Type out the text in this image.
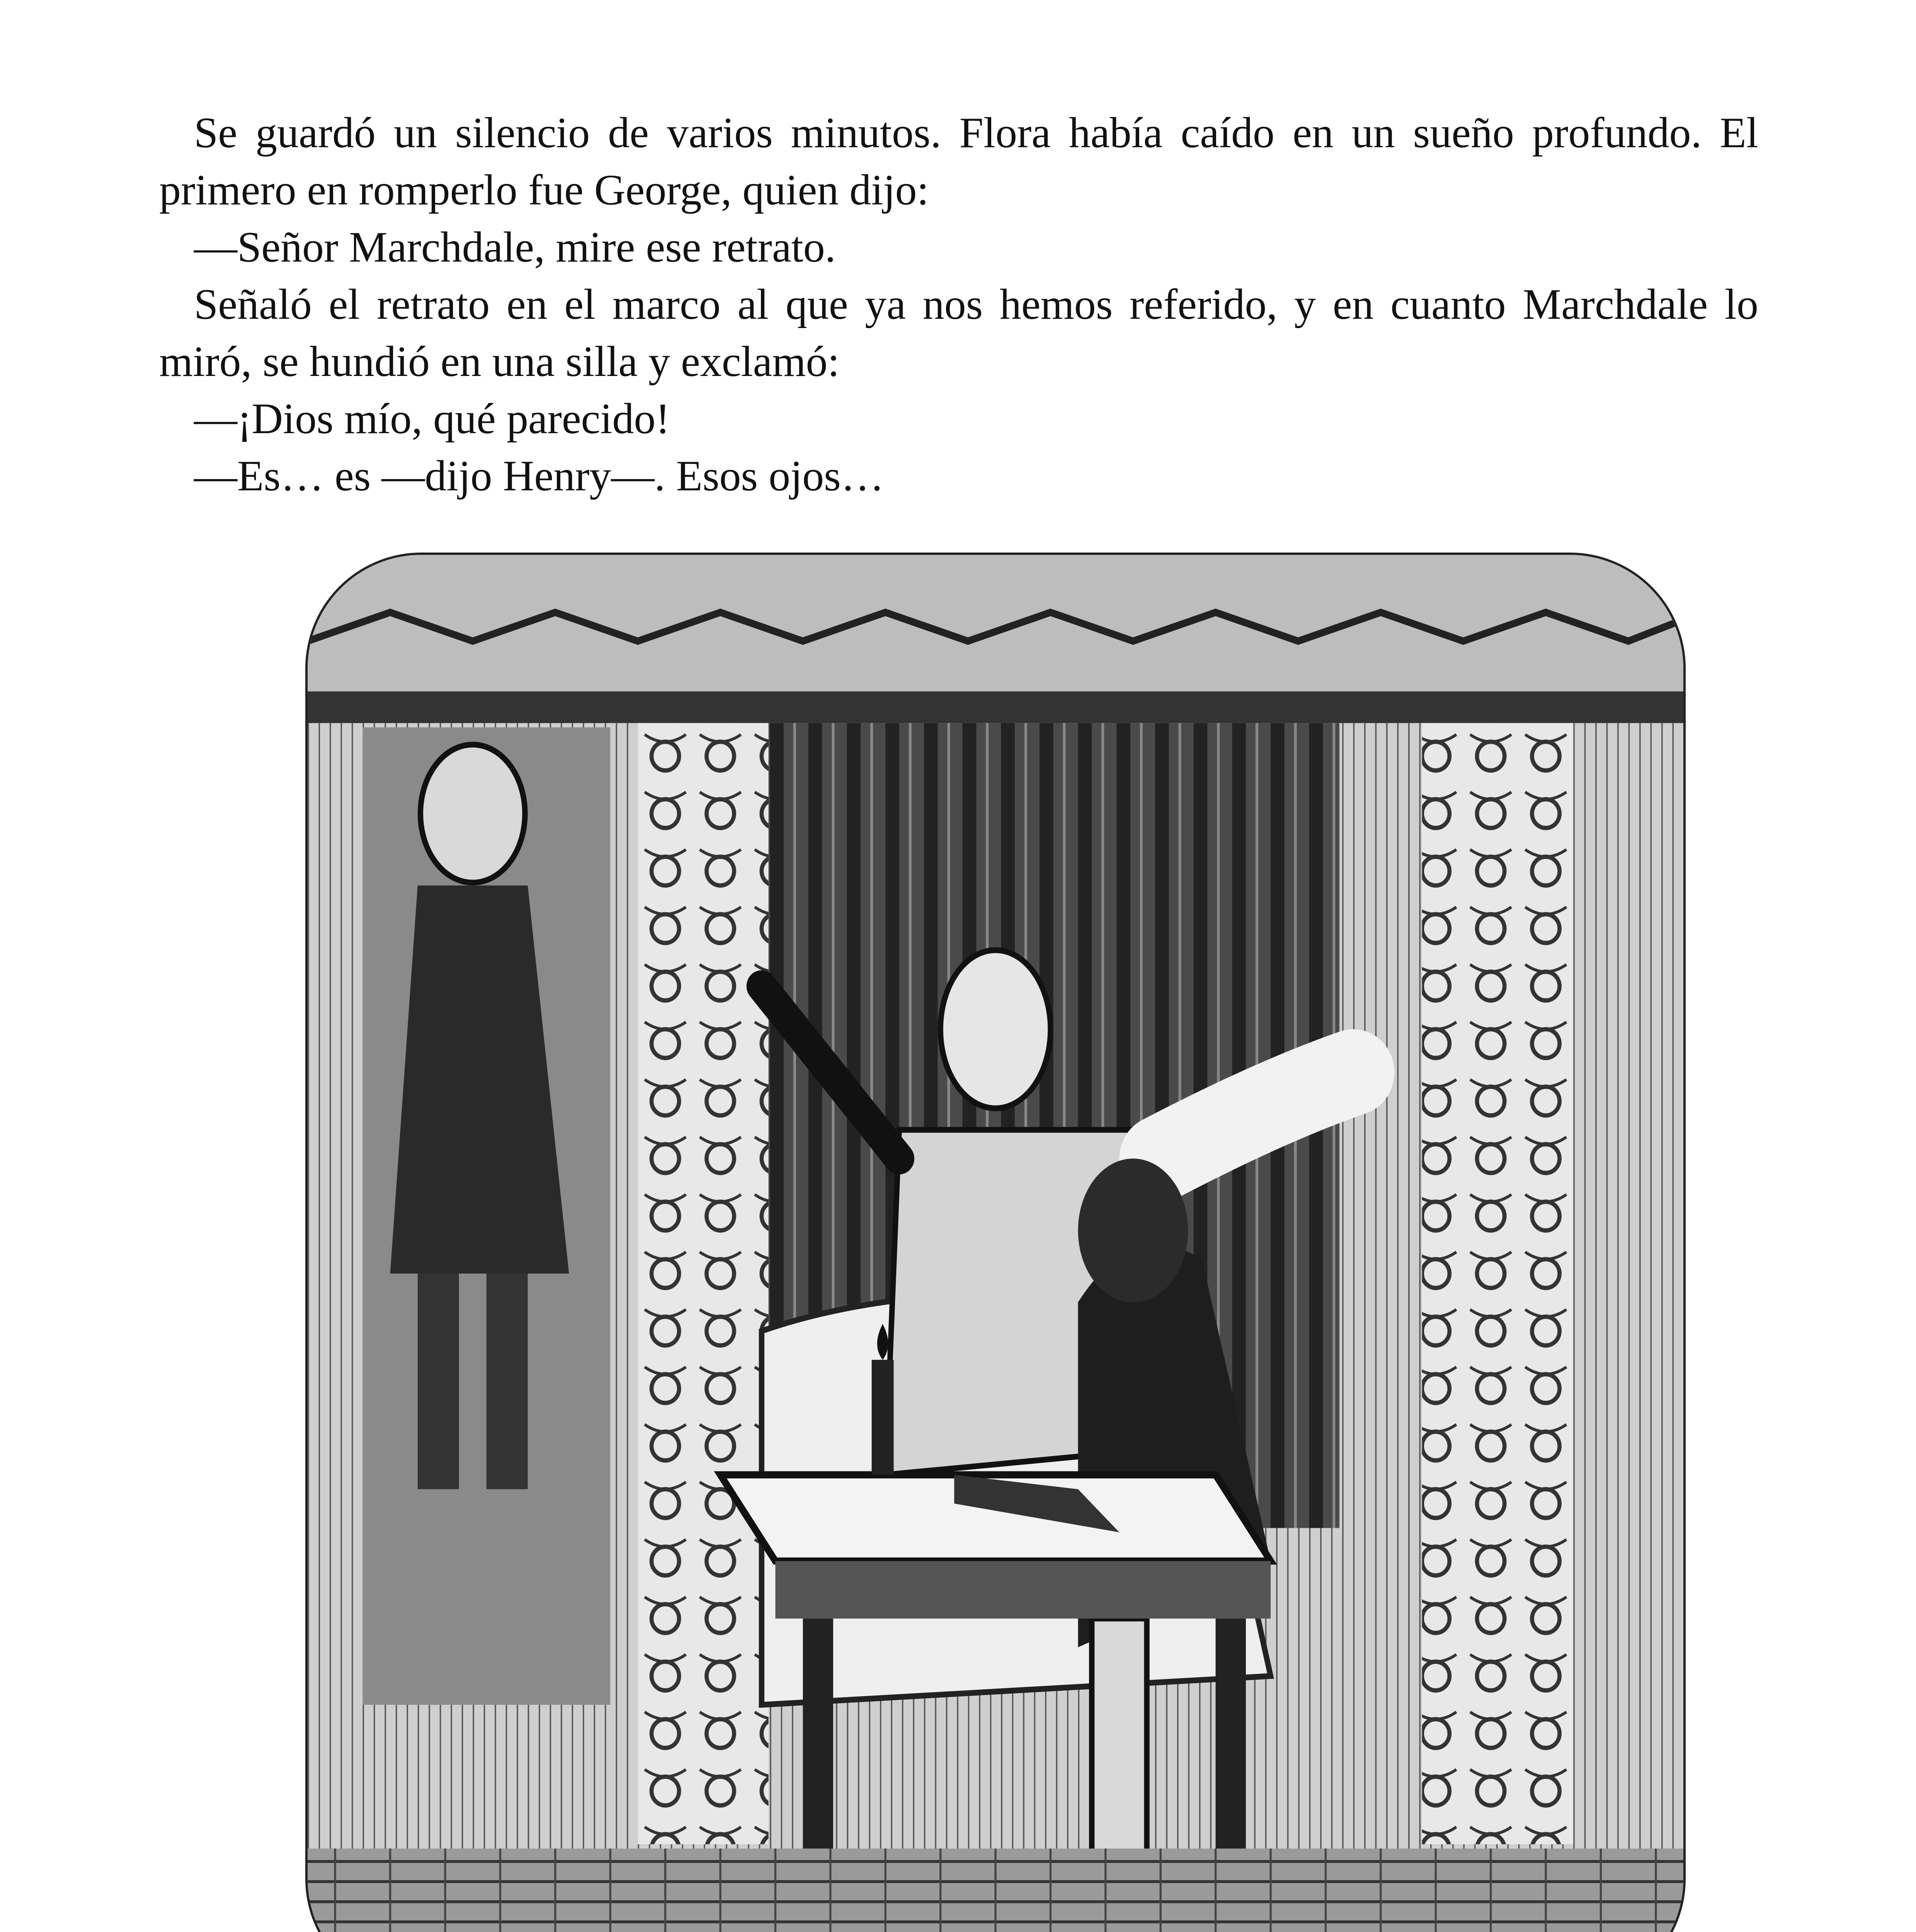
Se guardó un silencio de varios minutos. Flora había caído en un sueño profundo. El primero en romperlo fue George, quien dijo:

—Señor Marchdale, mire ese retrato.

Señaló el retrato en el marco al que ya nos hemos referido, y en cuanto Marchdale lo miró, se hundió en una silla y exclamó:

—¡Dios mío, qué parecido!

—Es… es —dijo Henry—. Esos ojos…
